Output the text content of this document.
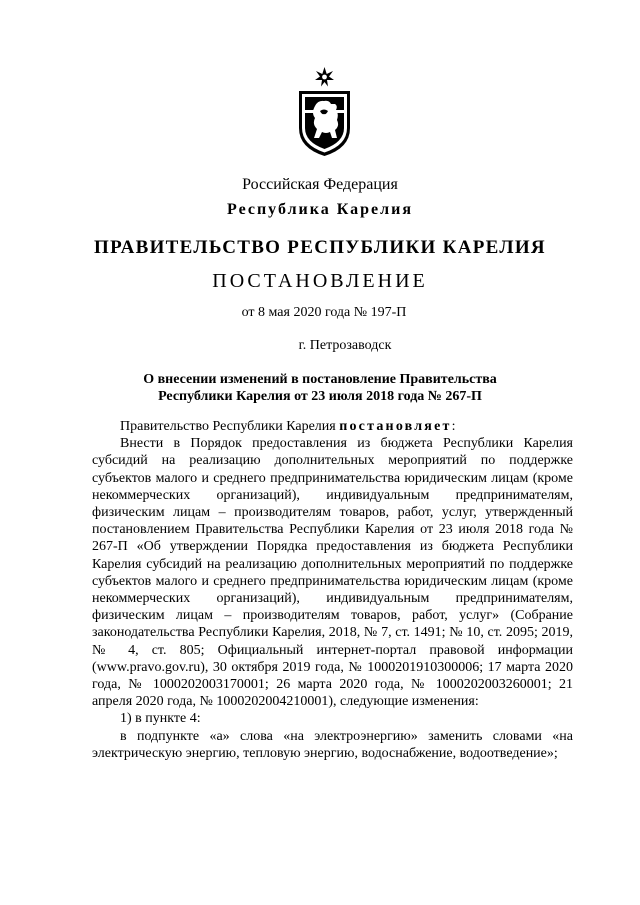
Российская Федерация
Республика Карелия
ПРАВИТЕЛЬСТВО РЕСПУБЛИКИ КАРЕЛИЯ
ПОСТАНОВЛЕНИЕ
от 8 мая 2020 года № 197-П
г. Петрозаводск
О внесении изменений в постановление Правительства
Республики Карелия от 23 июля 2018 года № 267-П

Правительство Республики Карелия постановляет:

Внести в Порядок предоставления из бюджета Республики Карелия субсидий на реализацию дополнительных мероприятий по поддержке субъектов малого и среднего предпринимательства юридическим лицам (кроме некоммерческих организаций), индивидуальным предпринимателям, физическим лицам – производителям товаров, работ, услуг, утвержденный постановлением Правительства Республики Карелия от 23 июля 2018 года № 267-П «Об утверждении Порядка предоставления из бюджета Республики Карелия субсидий на реализацию дополнительных мероприятий по поддержке субъектов малого и среднего предпринимательства юридическим лицам (кроме некоммерческих организаций), индивидуальным предпринимателям, физическим лицам – производителям товаров, работ, услуг» (Собрание законодательства Республики Карелия, 2018, № 7, ст. 1491; № 10, ст. 2095; 2019, № 4, ст. 805; Официальный интернет-портал правовой информации (www.pravo.gov.ru), 30 октября 2019 года, № 1000201910300006; 17 марта 2020 года, № 1000202003170001; 26 марта 2020 года, № 1000202003260001; 21 апреля 2020 года, № 1000202004210001), следующие изменения:

1) в пункте 4:

в подпункте «а» слова «на электроэнергию» заменить словами «на электрическую энергию, тепловую энергию, водоснабжение, водоотведение»;
